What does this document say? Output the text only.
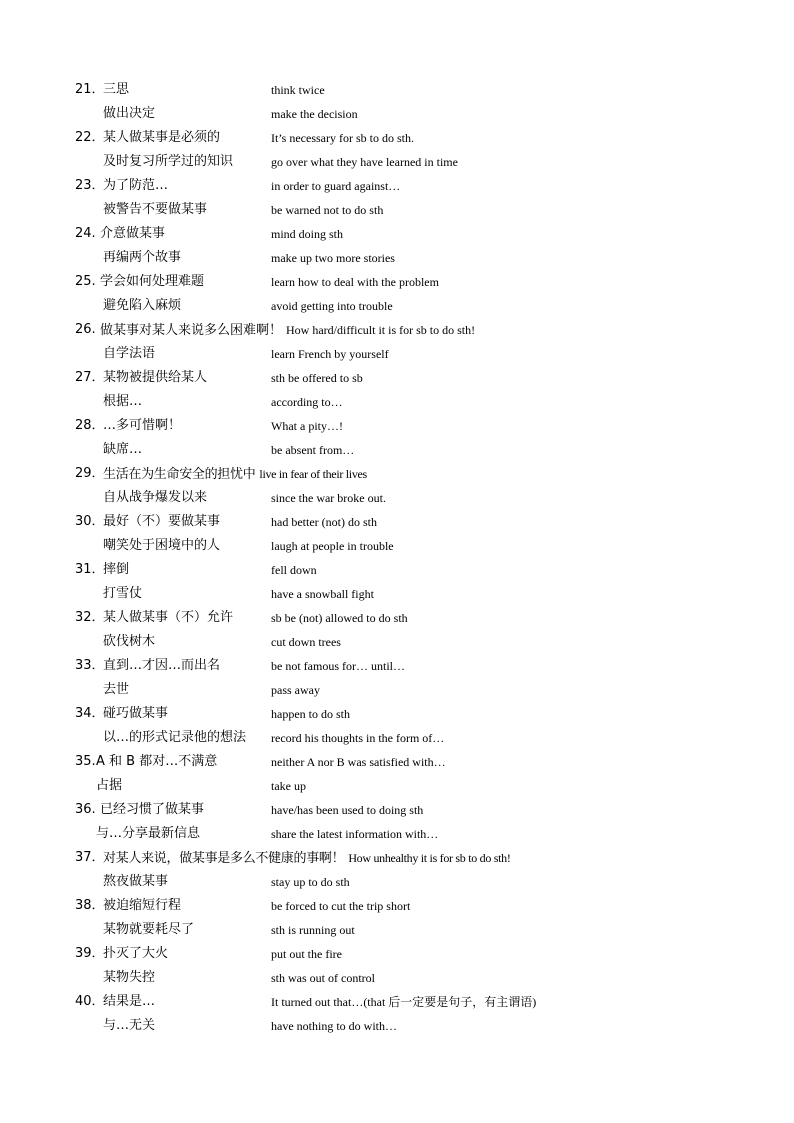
21．
三思	think twice
做出决定	make the decision
22．
某人做某事是必须的	It’s necessary for sb to do sth.
及时复习所学过的知识	go over what they have learned in time
23．
为了防范…	in order to guard against…
被警告不要做某事	be warned not to do sth
24. 介意做某事	mind doing sth
再编两个故事	make up two more stories
25. 学会如何处理难题	learn how to deal with the problem
避免陷入麻烦	avoid getting into trouble
26. 做某事对某人来说多么困难啊！ How hard/difficult it is for sb to do sth!
自学法语	learn French by yourself
27．
某物被提供给某人	sth be offered to sb
根据…	according to…
28．
…多可惜啊！	What a pity…!
缺席…	be absent from…
29．
生活在为生命安全的担忧中 live in fear of their lives
自从战争爆发以来	since the war broke out.
30．
最好（不）要做某事	had better (not) do sth
嘲笑处于困境中的人	laugh at people in trouble
31．
摔倒	fell down
打雪仗	have a snowball fight
32．
某人做某事（不）允许	sb be (not) allowed to do sth
砍伐树木	cut down trees
33．
直到…才因…而出名	be not famous for… until…
去世	pass away
34．
碰巧做某事	happen to do sth
以…的形式记录他的想法 record his thoughts in the form of…
35. A 和 B 都对…不满意	neither A nor B was satisfied with…
占据	take up
36. 已经习惯了做某事	have/has been used to doing sth
与…分享最新信息	share the latest information with…
37．
对某人来说，做某事是多么不健康的事啊！ How unhealthy it is for sb to do sth!
熬夜做某事	stay up to do sth
38．
被迫缩短行程	be forced to cut the trip short
某物就要耗尽了	sth is running out
39．
扑灭了大火	put out the fire
某物失控	sth was out of control
40．
结果是…	It turned out that…(that 后一定要是句子，有主谓语)
与…无关	have nothing to do with…
